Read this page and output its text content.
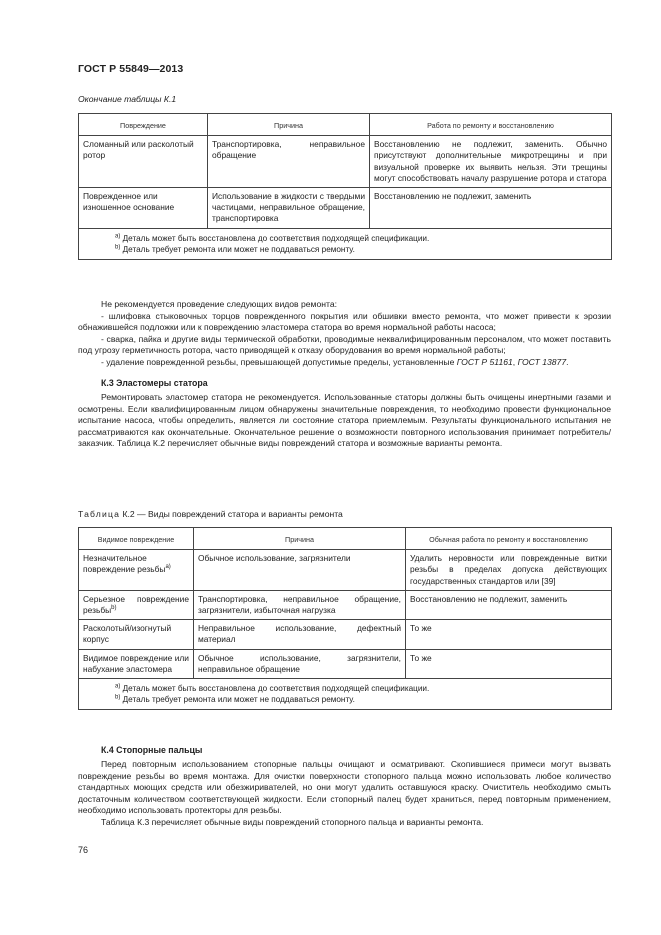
ГОСТ Р 55849—2013
Окончание таблицы К.1
Повреждение	Причина	Работа по ремонту и восстановлению
Сломанный или расколотый ротор	Транспортировка, неправильное обращение	Восстановлению не подлежит, заменить. Обычно присутствуют дополнительные микротрещины и при визуальной проверке их выявить нельзя. Эти трещины могут способствовать началу разрушение ротора и статора
Поврежденное или изношенное основание	Использование в жидкости с твердыми частицами, неправильное обращение, транспортировка	Восстановлению не подлежит, заменить

$^{а)}$ Деталь может быть восстановлена до соответствия подходящей спецификации.
$^{b)}$ Деталь требует ремонта или может не поддаваться ремонту.		

Не рекомендуется проведение следующих видов ремонта:

- шлифовка стыковочных торцов поврежденного покрытия или обшивки вместо ремонта, что может привести к эрозии обнажившейся подложки или к повреждению эластомера статора во время нормальной работы насоса;

- сварка, пайка и другие виды термической обработки, проводимые неквалифицированным персоналом, что может поставить под угрозу герметичность ротора, часто приводящей к отказу оборудования во время нормальной работы;

- удаление поврежденной резьбы, превышающей допустимые пределы, установленные ГОСТ Р 51161, ГОСТ 13877.

К.3 Эластомеры статора

Ремонтировать эластомер статора не рекомендуется. Использованные статоры должны быть очищены инертными газами и осмотрены. Если квалифицированным лицом обнаружены значительные повреждения, то необходимо провести функциональное испытание насоса, чтобы определить, является ли состояние статора приемлемым. Результаты функционального испытания не рассматриваются как окончательные. Окончательное решение о возможности повторного использования принимает потребитель/заказчик. Таблица К.2 перечисляет обычные виды повреждений статора и возможные варианты ремонта.

Таблица К.2 — Виды повреждений статора и варианты ремонта
Видимое повреждение	Причина	Обычная работа по ремонту и восстановлению
Незначительное повреждение резьбы$^{а)}$	Обычное использование, загрязнители	Удалить неровности или поврежденные витки резьбы в пределах допуска действующих государственных стандартов или [39]
Серьезное повреждение резьбы$^{b)}$	Транспортировка, неправильное обращение, загрязнители, избыточная нагрузка	Восстановлению не подлежит, заменить
Расколотый/изогнутый корпус	Неправильное использование, дефектный материал	То же
Видимое повреждение или набухание эластомера	Обычное использование, загрязнители, неправильное обращение	То же

$^{а)}$ Деталь может быть восстановлена до соответствия подходящей спецификации.
$^{b)}$ Деталь требует ремонта или может не поддаваться ремонту.		
К.4 Стопорные пальцы

Перед повторным использованием стопорные пальцы очищают и осматривают. Скопившиеся примеси могут вызвать повреждение резьбы во время монтажа. Для очистки поверхности стопорного пальца можно использовать любое количество стандартных моющих средств или обезжиривателей, но они могут удалить оставшуюся краску. Очиститель необходимо смыть достаточным количеством соответствующей жидкости. Если стопорный палец будет храниться, перед повторным применением, необходимо использовать протекторы для резьбы.

Таблица К.3 перечисляет обычные виды повреждений стопорного пальца и варианты ремонта.

76
